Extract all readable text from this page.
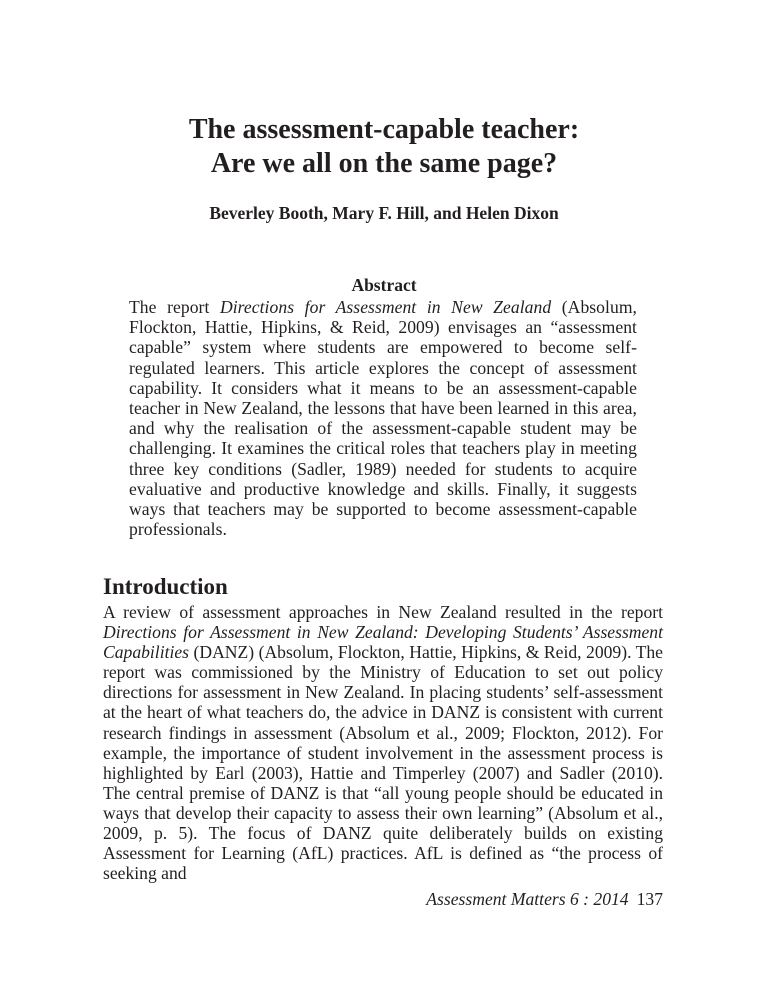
The assessment-capable teacher:
Are we all on the same page?

Beverley Booth, Mary F. Hill, and Helen Dixon

Abstract

The report Directions for Assessment in New Zealand (Absolum, Flockton, Hattie, Hipkins, & Reid, 2009) envisages an “assessment capable” system where students are empowered to become self-regulated learners. This article explores the concept of assessment capability. It considers what it means to be an assessment-capable teacher in New Zealand, the lessons that have been learned in this area, and why the realisation of the assessment-capable student may be challenging. It examines the critical roles that teachers play in meeting three key conditions (Sadler, 1989) needed for students to acquire evaluative and productive knowledge and skills. Finally, it suggests ways that teachers may be supported to become assessment-capable professionals.

Introduction

A review of assessment approaches in New Zealand resulted in the report Directions for Assessment in New Zealand: Developing Students’ Assessment Capabilities (DANZ) (Absolum, Flockton, Hattie, Hipkins, & Reid, 2009). The report was commissioned by the Ministry of Education to set out policy directions for assessment in New Zealand. In placing students’ self-assessment at the heart of what teachers do, the advice in DANZ is consistent with current research findings in assessment (Absolum et al., 2009; Flockton, 2012). For example, the importance of student involvement in the assessment process is highlighted by Earl (2003), Hattie and Timperley (2007) and Sadler (2010). The central premise of DANZ is that “all young people should be educated in ways that develop their capacity to assess their own learning” (Absolum et al., 2009, p. 5). The focus of DANZ quite deliberately builds on existing Assessment for Learning (AfL) practices. AfL is defined as “the process of seeking and

Assessment Matters 6 : 2014 137
